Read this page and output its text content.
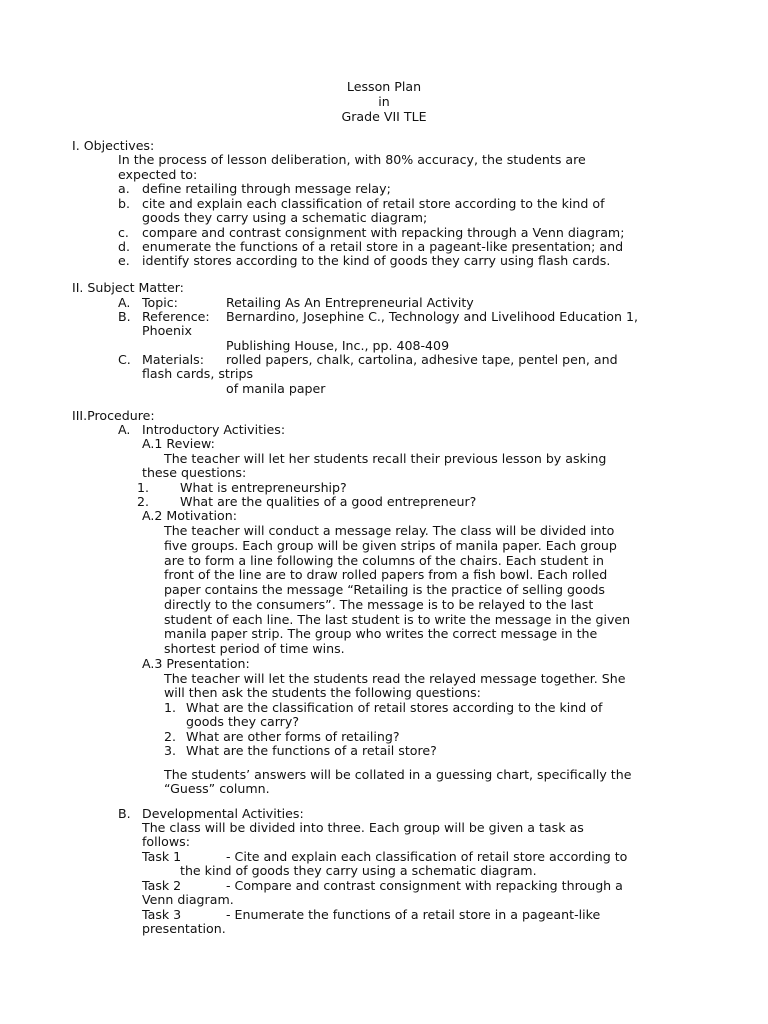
Lesson Plan
in
Grade VII TLE
I. Objectives:
In the process of lesson deliberation, with 80% accuracy, the students are
expected to:
a. define retailing through message relay;
b. cite and explain each classification of retail store according to the kind of
goods they carry using a schematic diagram;
c. compare and contrast consignment with repacking through a Venn diagram;
d. enumerate the functions of a retail store in a pageant-like presentation; and
e. identify stores according to the kind of goods they carry using flash cards.
II. Subject Matter:
A. Topic:	Retailing As An Entrepreneurial Activity
B. Reference: Bernardino, Josephine C., Technology and Livelihood Education 1,
Phoenix
Publishing House, Inc., pp. 408-409
C. Materials: rolled papers, chalk, cartolina, adhesive tape, pentel pen, and
flash cards, strips
of manila paper
III.Procedure:
A. Introductory Activities:
A.1 Review:
The teacher will let her students recall their previous lesson by asking
these questions:
1. What is entrepreneurship?
2. What are the qualities of a good entrepreneur?
A.2 Motivation:
The teacher will conduct a message relay. The class will be divided into
five groups. Each group will be given strips of manila paper. Each group
are to form a line following the columns of the chairs. Each student in
front of the line are to draw rolled papers from a fish bowl. Each rolled
paper contains the message “Retailing is the practice of selling goods
directly to the consumers”. The message is to be relayed to the last
student of each line. The last student is to write the message in the given
manila paper strip. The group who writes the correct message in the
shortest period of time wins.
A.3 Presentation:
The teacher will let the students read the relayed message together. She
will then ask the students the following questions:
1. What are the classification of retail stores according to the kind of
goods they carry?
2. What are other forms of retailing?
3. What are the functions of a retail store?
The students’ answers will be collated in a guessing chart, specifically the
“Guess” column.
B. Developmental Activities:
The class will be divided into three. Each group will be given a task as
follows:
Task 1	- Cite and explain each classification of retail store according to
the kind of goods they carry using a schematic diagram.
Task 2	- Compare and contrast consignment with repacking through a
Venn diagram.
Task 3	- Enumerate the functions of a retail store in a pageant-like
presentation.
